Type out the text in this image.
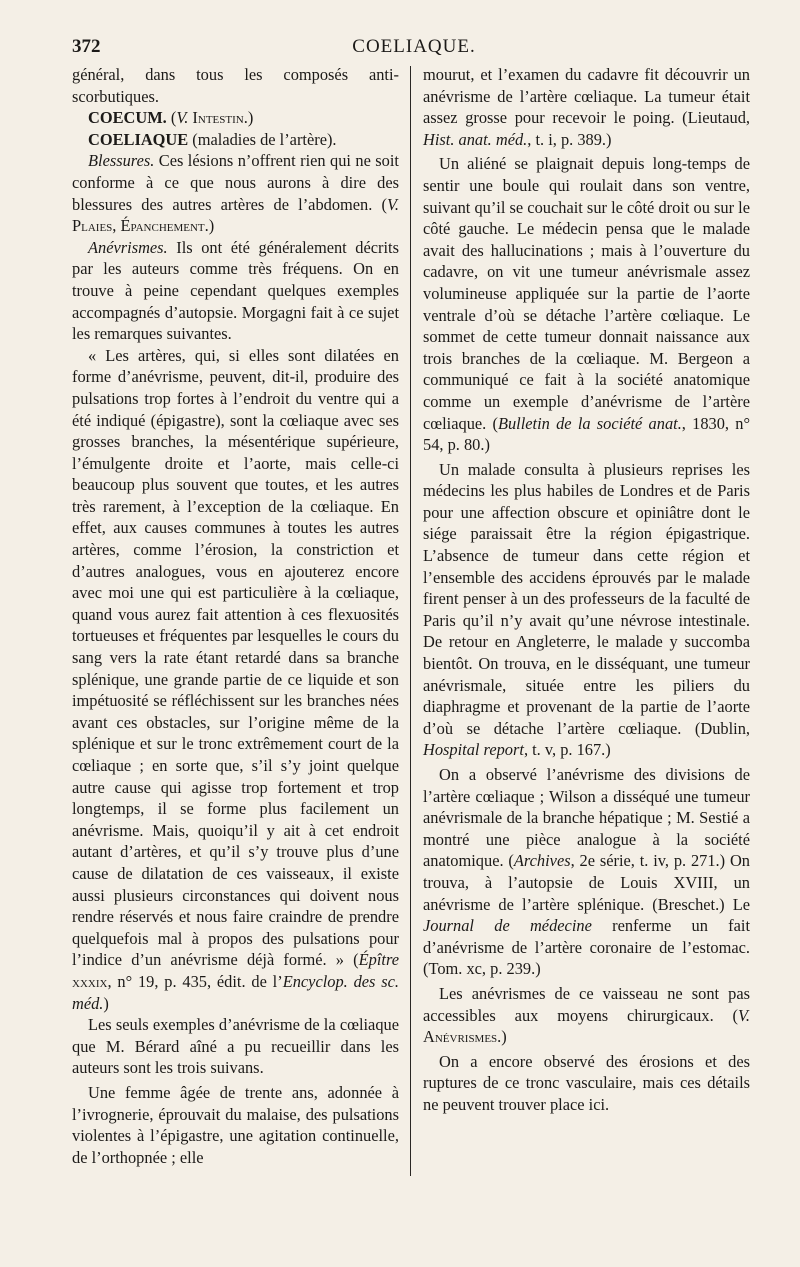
372	COELIAQUE.

général, dans tous les composés anti-scorbutiques.

COECUM. (V. Intestin.)

COELIAQUE (maladies de l’artère).

Blessures. Ces lésions n’offrent rien qui ne soit conforme à ce que nous aurons à dire des blessures des autres artères de l’abdomen. (V. Plaies, Épanchement.)

Anévrismes. Ils ont été généralement décrits par les auteurs comme très fréquens. On en trouve à peine cependant quelques exemples accompagnés d’autopsie. Morgagni fait à ce sujet les remarques suivantes.

« Les artères, qui, si elles sont dilatées en forme d’anévrisme, peuvent, dit-il, produire des pulsations trop fortes à l’endroit du ventre qui a été indiqué (épigastre), sont la cœliaque avec ses grosses branches, la mésentérique supérieure, l’émulgente droite et l’aorte, mais celle-ci beaucoup plus souvent que toutes, et les autres très rarement, à l’exception de la cœliaque. En effet, aux causes communes à toutes les autres artères, comme l’érosion, la constriction et d’autres analogues, vous en ajouterez encore avec moi une qui est particulière à la cœliaque, quand vous aurez fait attention à ces flexuosités tortueuses et fréquentes par lesquelles le cours du sang vers la rate étant retardé dans sa branche splénique, une grande partie de ce liquide et son impétuosité se réfléchissent sur les branches nées avant ces obstacles, sur l’origine même de la splénique et sur le tronc extrêmement court de la cœliaque ; en sorte que, s’il s’y joint quelque autre cause qui agisse trop fortement et trop longtemps, il se forme plus facilement un anévrisme. Mais, quoiqu’il y ait à cet endroit autant d’artères, et qu’il s’y trouve plus d’une cause de dilatation de ces vaisseaux, il existe aussi plusieurs circonstances qui doivent nous rendre réservés et nous faire craindre de prendre quelquefois mal à propos des pulsations pour l’indice d’un anévrisme déjà formé. » (Épître xxxix, n° 19, p. 435, édit. de l’Encyclop. des sc. méd.)

Les seuls exemples d’anévrisme de la cœliaque que M. Bérard aîné a pu recueillir dans les auteurs sont les trois suivans.

Une femme âgée de trente ans, adonnée à l’ivrognerie, éprouvait du malaise, des pulsations violentes à l’épigastre, une agitation continuelle, de l’orthopnée ; elle

mourut, et l’examen du cadavre fit découvrir un anévrisme de l’artère cœliaque. La tumeur était assez grosse pour recevoir le poing. (Lieutaud, Hist. anat. méd., t. i, p. 389.)

Un aliéné se plaignait depuis long-temps de sentir une boule qui roulait dans son ventre, suivant qu’il se couchait sur le côté droit ou sur le côté gauche. Le médecin pensa que le malade avait des hallucinations ; mais à l’ouverture du cadavre, on vit une tumeur anévrismale assez volumineuse appliquée sur la partie de l’aorte ventrale d’où se détache l’artère cœliaque. Le sommet de cette tumeur donnait naissance aux trois branches de la cœliaque. M. Bergeon a communiqué ce fait à la société anatomique comme un exemple d’anévrisme de l’artère cœliaque. (Bulletin de la société anat., 1830, n° 54, p. 80.)

Un malade consulta à plusieurs reprises les médecins les plus habiles de Londres et de Paris pour une affection obscure et opiniâtre dont le siége paraissait être la région épigastrique. L’absence de tumeur dans cette région et l’ensemble des accidens éprouvés par le malade firent penser à un des professeurs de la faculté de Paris qu’il n’y avait qu’une névrose intestinale. De retour en Angleterre, le malade y succomba bientôt. On trouva, en le disséquant, une tumeur anévrismale, située entre les piliers du diaphragme et provenant de la partie de l’aorte d’où se détache l’artère cœliaque. (Dublin, Hospital report, t. v, p. 167.)

On a observé l’anévrisme des divisions de l’artère cœliaque ; Wilson a disséqué une tumeur anévrismale de la branche hépatique ; M. Sestié a montré une pièce analogue à la société anatomique. (Archives, 2e série, t. iv, p. 271.) On trouva, à l’autopsie de Louis XVIII, un anévrisme de l’artère splénique. (Breschet.) Le Journal de médecine renferme un fait d’anévrisme de l’artère coronaire de l’estomac. (Tom. xc, p. 239.)

Les anévrismes de ce vaisseau ne sont pas accessibles aux moyens chirurgicaux. (V. Anévrismes.)

On a encore observé des érosions et des ruptures de ce tronc vasculaire, mais ces détails ne peuvent trouver place ici.
